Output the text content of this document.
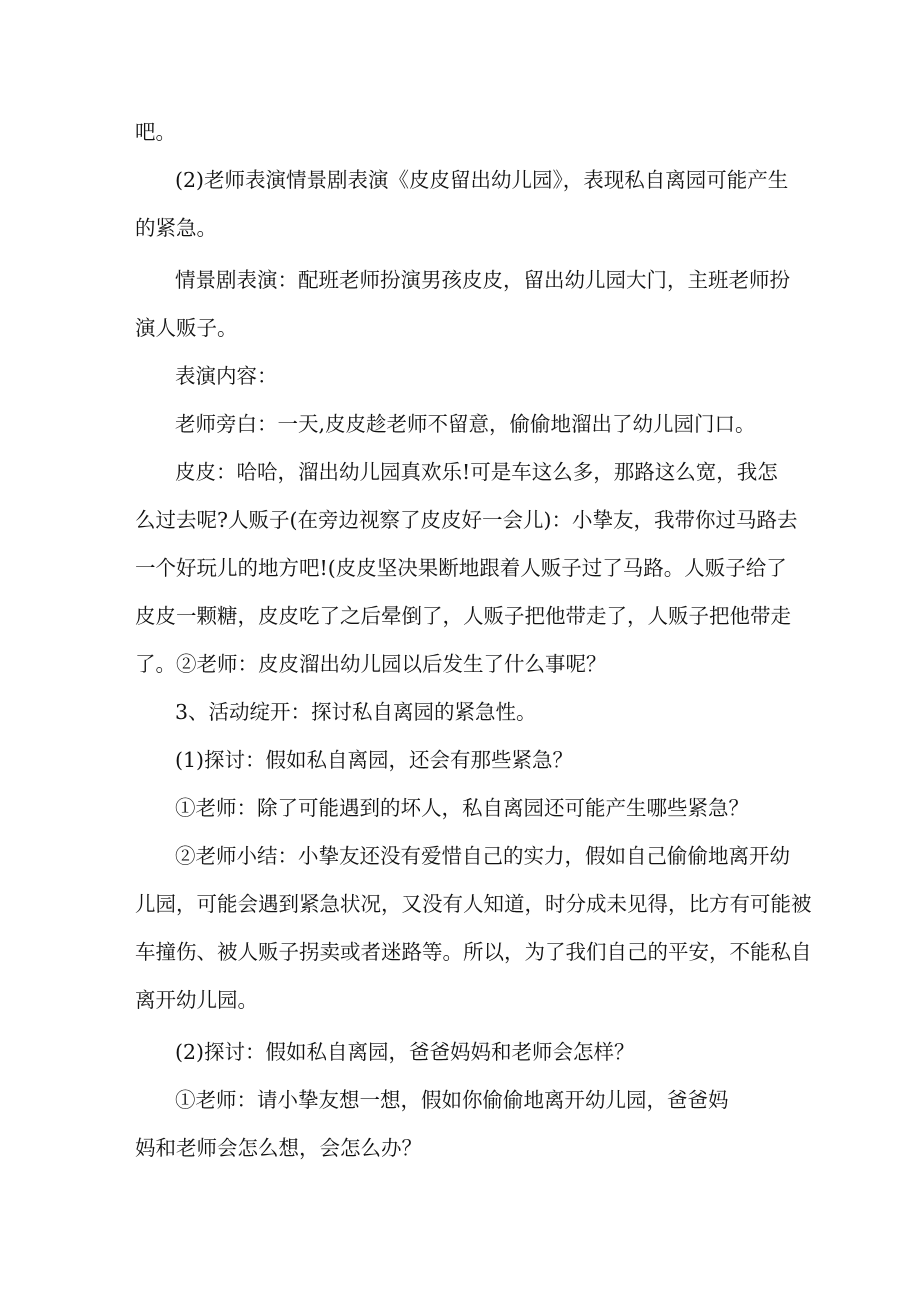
吧。
(2)老师表演情景剧表演《皮皮留出幼儿园》，表现私自离园可能产生
的紧急。
情景剧表演：配班老师扮演男孩皮皮，留出幼儿园大门，主班老师扮
演人贩子。
表演内容：
老师旁白：一天,皮皮趁老师不留意，偷偷地溜出了幼儿园门口。
皮皮：哈哈，溜出幼儿园真欢乐!可是车这么多，那路这么宽，我怎
么过去呢?人贩子(在旁边视察了皮皮好一会儿)：小挚友，我带你过马路去
一个好玩儿的地方吧!(皮皮坚决果断地跟着人贩子过了马路。人贩子给了
皮皮一颗糖，皮皮吃了之后晕倒了，人贩子把他带走了，人贩子把他带走
了。②老师：皮皮溜出幼儿园以后发生了什么事呢？
3、活动绽开：探讨私自离园的紧急性。
(1)探讨：假如私自离园，还会有那些紧急？
①老师：除了可能遇到的坏人，私自离园还可能产生哪些紧急？
②老师小结：小挚友还没有爱惜自己的实力，假如自己偷偷地离开幼
儿园，可能会遇到紧急状况，又没有人知道，时分成未见得，比方有可能被
车撞伤、被人贩子拐卖或者迷路等。所以，为了我们自己的平安，不能私自
离开幼儿园。
(2)探讨：假如私自离园，爸爸妈妈和老师会怎样？
①老师：请小挚友想一想，假如你偷偷地离开幼儿园，爸爸妈
妈和老师会怎么想，会怎么办？
